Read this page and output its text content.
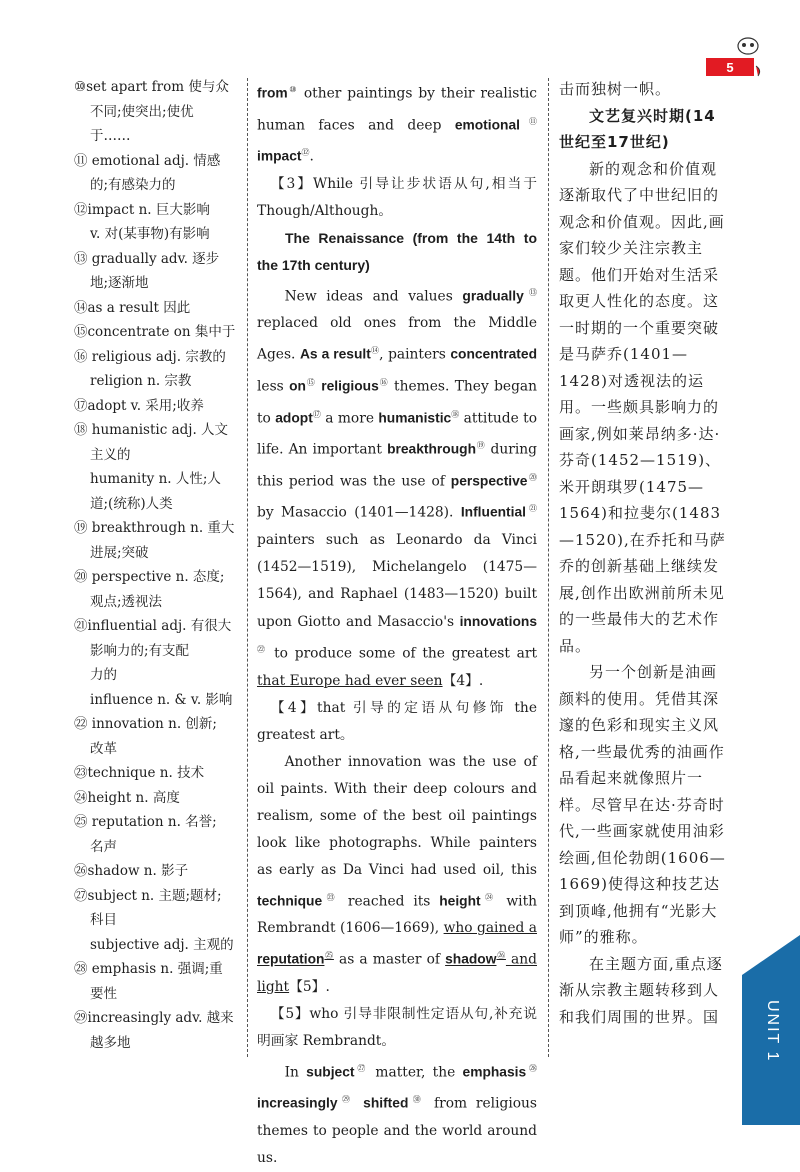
5
⑩set apart from 使与众
不同;使突出;使优
于……
⑪ emotional adj. 情感
的;有感染力的
⑫impact n. 巨大影响
v. 对(某事物)有影响
⑬ gradually adv. 逐步
地;逐渐地
⑭as a result 因此
⑮concentrate on 集中于
⑯ religious adj. 宗教的
religion n. 宗教
⑰adopt v. 采用;收养
⑱ humanistic adj. 人文
主义的
humanity n. 人性;人
道;(统称)人类
⑲ breakthrough n. 重大
进展;突破
⑳ perspective n. 态度;
观点;透视法
㉑influential adj. 有很大
影响力的;有支配
力的
influence n. & v. 影响
㉒ innovation n. 创新;
改革
㉓technique n. 技术
㉔height n. 高度
㉕ reputation n. 名誉;
名声
㉖shadow n. 影子
㉗subject n. 主题;题材;
科目
subjective adj. 主观的
㉘ emphasis n. 强调;重
要性
㉙increasingly adv. 越来
越多地

from⑩ other paintings by their realistic human faces and deep emotional⑪ impact⑫.

【3】While 引导让步状语从句,相当于 Though/Although。

The Renaissance (from the 14th to the 17th century)

New ideas and values gradually⑬ replaced old ones from the Middle Ages. As a result⑭, painters concentrated less on⑮ religious⑯ themes. They began to adopt⑰ a more humanistic⑱ attitude to life. An important breakthrough⑲ during this period was the use of perspective⑳ by Masaccio (1401—1428). Influential$^㉑$ painters such as Leonardo da Vinci (1452—1519), Michelangelo (1475—1564), and Raphael (1483—1520) built upon Giotto and Masaccio's innovations$^㉒$ to produce some of the greatest art that Europe had ever seen【4】.

【4】that 引导的定语从句修饰 the greatest art。

Another innovation was the use of oil paints. With their deep colours and realism, some of the best oil paintings look like photographs. While painters as early as Da Vinci had used oil, this technique$^㉓$ reached its height$^㉔$ with Rembrandt (1606—1669), who gained a reputation$^㉕$ as a master of shadow$^㉖$ and light【5】.

【5】who 引导非限制性定语从句,补充说明画家 Rembrandt。

In subject$^㉗$ matter, the emphasis$^㉘$ increasingly$^㉙$ shifted$^㉚$ from religious themes to people and the world around us.

击而独树一帜。

文艺复兴时期(14世纪至17世纪)

新的观念和价值观逐渐取代了中世纪旧的观念和价值观。因此,画家们较少关注宗教主题。他们开始对生活采取更人性化的态度。这一时期的一个重要突破是马萨乔(1401—1428)对透视法的运用。一些颇具影响力的画家,例如莱昂纳多·达·芬奇(1452—1519)、米开朗琪罗(1475—1564)和拉斐尔(1483—1520),在乔托和马萨乔的创新基础上继续发展,创作出欧洲前所未见的一些最伟大的艺术作品。

另一个创新是油画颜料的使用。凭借其深邃的色彩和现实主义风格,一些最优秀的油画作品看起来就像照片一样。尽管早在达·芬奇时代,一些画家就使用油彩绘画,但伦勃朗(1606—1669)使得这种技艺达到顶峰,他拥有“光影大师”的雅称。

在主题方面,重点逐渐从宗教主题转移到人和我们周围的世界。国	UNIT 1
